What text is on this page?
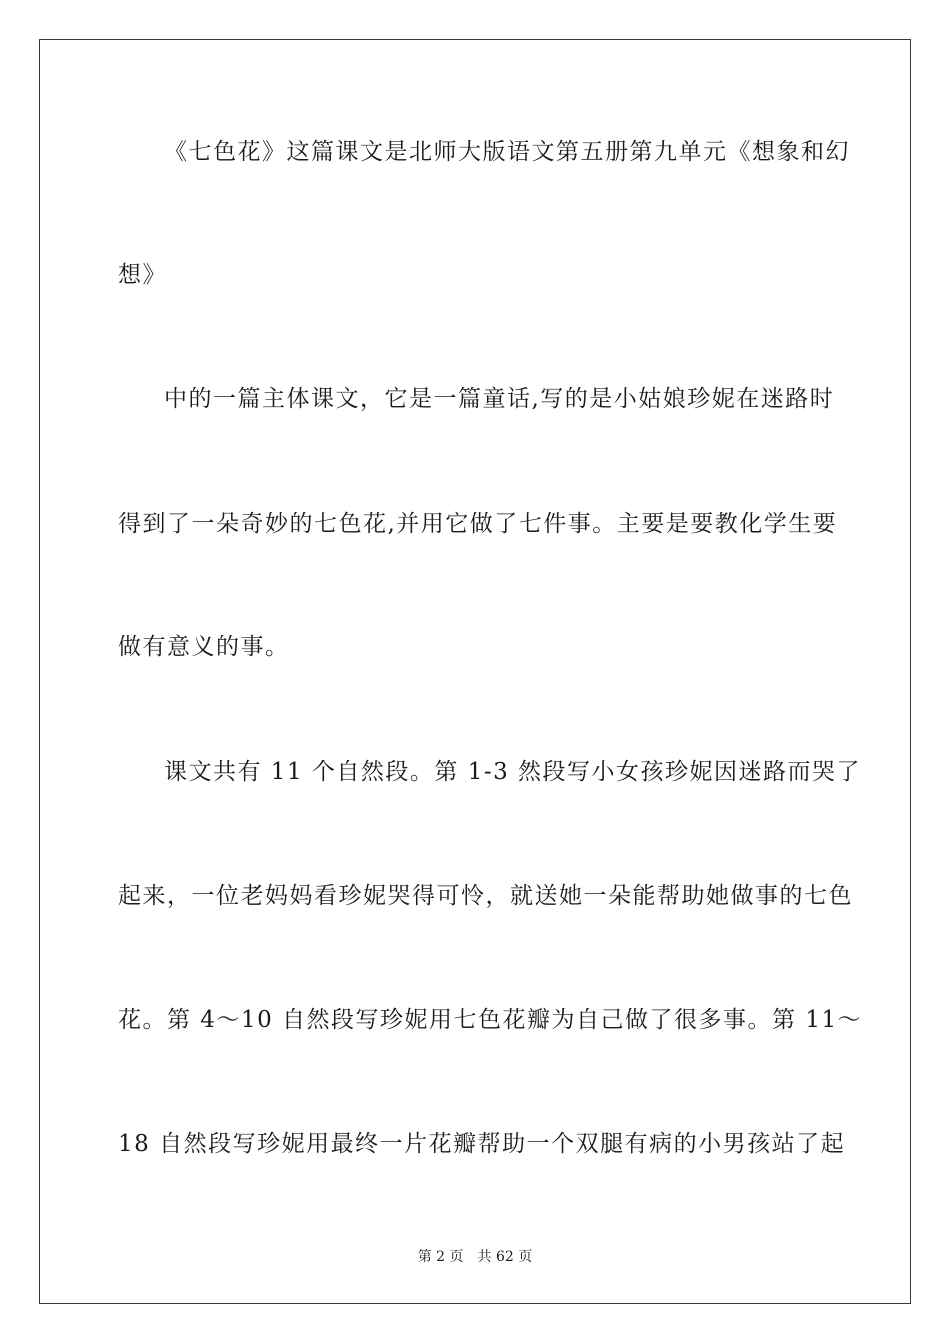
《七色花》这篇课文是北师大版语文第五册第九单元《想象和幻
想》
中的一篇主体课文，它是一篇童话,写的是小姑娘珍妮在迷路时
得到了一朵奇妙的七色花,并用它做了七件事。主要是要教化学生要
做有意义的事。
课文共有 11 个自然段。第 1-3 然段写小女孩珍妮因迷路而哭了
起来，一位老妈妈看珍妮哭得可怜，就送她一朵能帮助她做事的七色
花。第 4～10 自然段写珍妮用七色花瓣为自己做了很多事。第 11～
18 自然段写珍妮用最终一片花瓣帮助一个双腿有病的小男孩站了起
第 2 页 共 62 页
